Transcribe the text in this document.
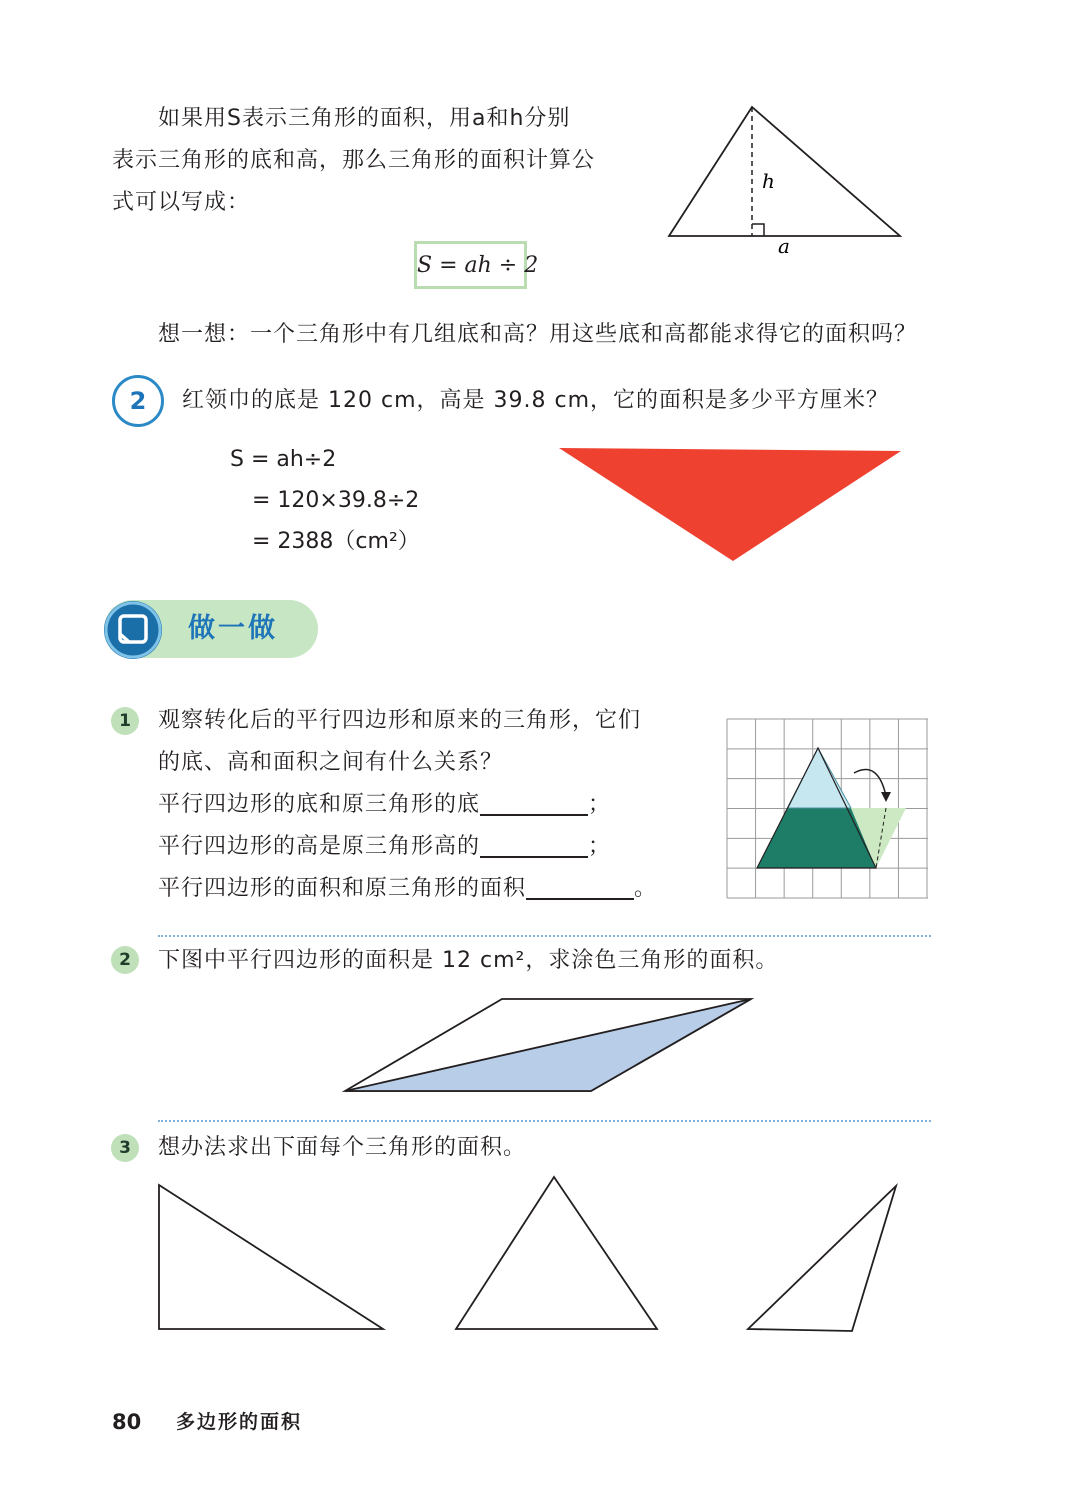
如果用S表示三角形的面积，用a和h分别
表示三角形的底和高，那么三角形的面积计算公
式可以写成：
h
a
S = ah ÷ 2
想一想：一个三角形中有几组底和高？用这些底和高都能求得它的面积吗？
2	红领巾的底是 120 cm，高是 39.8 cm，它的面积是多少平方厘米？
S = ah÷2
= 120×39.8÷2
= 2388（cm²）
做一做
1	观察转化后的平行四边形和原来的三角形，它们
的底、高和面积之间有什么关系？
平行四边形的底和原三角形的底	；
平行四边形的高是原三角形高的	；
平行四边形的面积和原三角形的面积	。
2	下图中平行四边形的面积是 12 cm²，求涂色三角形的面积。
3	想办法求出下面每个三角形的面积。
80 多边形的面积
